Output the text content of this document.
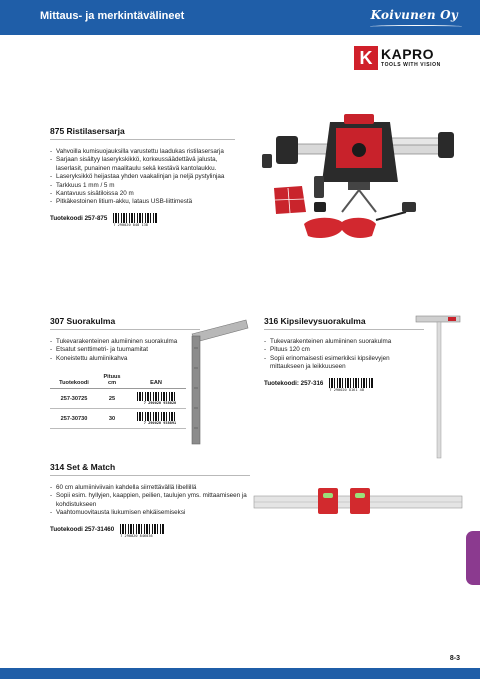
Mittaus- ja merkintävälineet	Koivunen Oy
K KAPRO
TOOLS WITH VISION
875 Ristilasersarja
- Vahvoilla kumisuojauksilla varustettu laadukas ristilasersarja
- Sarjaan sisältyy laserykskikkö, korkeussäädettävä jalusta, laserlasit, punainen maalitaulu sekä kestävä kantolaukku.
- Laseryksikkö heijastaa yhden vaakalinjan ja neljä pystylinjaa
- Tarkkuus 1 mm / 5 m
- Kantavuus sisätiloissa 20 m
- Pitkäkestoinen litium-akku, lataus USB-liittimestä
Tuotekoodi 257-875
7 290020 848 138
307 Suorakulma
- Tukevarakenteinen alumiininen suorakulma
- Etsatut senttimetri- ja tuumamitat
- Koneistettu alumiinikahva
Tuotekoodi	Pituus cm	EAN
257-30725	25	7 290020 938020

257-30730	30	7 290020 938891
316 Kipsilevysuorakulma
- Tukevarakenteinen alumiininen suorakulma
- Pituus 120 cm
- Sopii erinomaisesti esimerkiksi kipsilevyjen mittaukseen ja leikkuuseen
Tuotekoodi: 257-316
7 290020 8161 48
314 Set & Match
- 60 cm alumiiniviivain kahdella siirrettävällä libellillä
- Sopii esim. hyllyjen, kaappien, peilien, taulujen yms. mittaamiseen ja kohdistukseen
- Vaahtomuovitausta liukumisen ehkäisemiseksi
Tuotekoodi 257-31460
7 290020 846036
8-3
